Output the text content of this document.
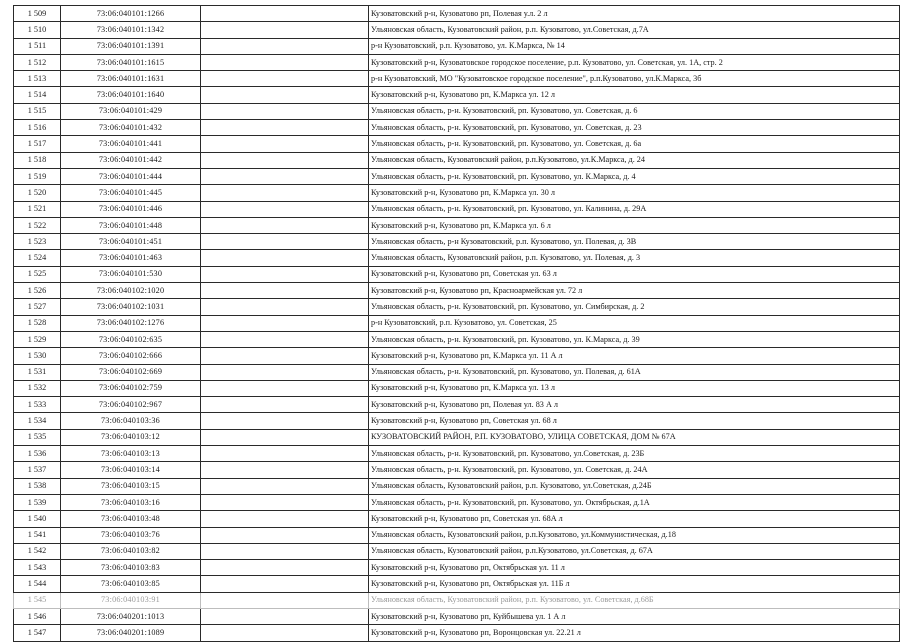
1 509	73:06:040101:1266		Кузоватовский р-н, Кузоватово рп, Полевая у.л. 2 л
1 510	73:06:040101:1342		Ульяновская область, Кузоватовский район, р.п. Кузоватово, ул.Советская, д.7А
1 511	73:06:040101:1391		р-н Кузоватовский, р.п. Кузоватово, ул. К.Маркса, № 14
1 512	73:06:040101:1615		Кузоватовский р-н, Кузоватовское городское поселение, р.п. Кузоватово, ул. Советская, ул. 1А, стр. 2
1 513	73:06:040101:1631		р-н Кузоватовский, МО "Кузоватовское городское поселение", р.п.Кузоватово, ул.К.Маркса, 3б
1 514	73:06:040101:1640		Кузоватовский р-н, Кузоватово рп, К.Маркса ул. 12 л
1 515	73:06:040101:429		Ульяновская область, р-н. Кузоватовский, рп. Кузоватово, ул. Советская, д. 6
1 516	73:06:040101:432		Ульяновская область, р-н. Кузоватовский, рп. Кузоватово, ул. Советская, д. 23
1 517	73:06:040101:441		Ульяновская область, р-н. Кузоватовский, рп. Кузоватово, ул. Советская, д. 6а
1 518	73:06:040101:442		Ульяновская область, Кузоватовский район, р.п.Кузоватово, ул.К.Маркса, д. 24
1 519	73:06:040101:444		Ульяновская область, р-н. Кузоватовский, рп. Кузоватово, ул. К.Маркса, д. 4
1 520	73:06:040101:445		Кузоватовский р-н, Кузоватово рп, К.Маркса ул. 30 л
1 521	73:06:040101:446		Ульяновская область, р-н. Кузоватовский, рп. Кузоватово, ул. Калинина, д. 29А
1 522	73:06:040101:448		Кузоватовский р-н, Кузоватово рп, К.Маркса ул. 6 л
1 523	73:06:040101:451		Ульяновская область, р-н Кузоватовский, р.п. Кузоватово, ул. Полевая, д. 3В
1 524	73:06:040101:463		Ульяновская область, Кузоватовский район, р.п. Кузоватово, ул. Полевая, д. 3
1 525	73:06:040101:530		Кузоватовский р-н, Кузоватово рп, Советская ул. 63 л
1 526	73:06:040102:1020		Кузоватовский р-н, Кузоватово рп, Красноармейская ул. 72 л
1 527	73:06:040102:1031		Ульяновская область, р-н. Кузоватовский, рп. Кузоватово, ул. Симбирская, д. 2
1 528	73:06:040102:1276		р-н Кузоватовский, р.п. Кузоватово, ул. Советская, 25
1 529	73:06:040102:635		Ульяновская область, р-н. Кузоватовский, рп. Кузоватово, ул. К.Маркса, д. 39
1 530	73:06:040102:666		Кузоватовский р-н, Кузоватово рп, К.Маркса ул. 11 А л
1 531	73:06:040102:669		Ульяновская область, р-н. Кузоватовский, рп. Кузоватово, ул. Полевая, д. 61А
1 532	73:06:040102:759		Кузоватовский р-н, Кузоватово рп, К.Маркса ул. 13 л
1 533	73:06:040102:967		Кузоватовский р-н, Кузоватово рп, Полевая ул. 83 А л
1 534	73:06:040103:36		Кузоватовский р-н, Кузоватово рп, Советская ул. 68 л
1 535	73:06:040103:12		КУЗОВАТОВСКИЙ РАЙОН, Р.П. КУЗОВАТОВО, УЛИЦА СОВЕТСКАЯ, ДОМ № 67А
1 536	73:06:040103:13		Ульяновская область, р-н. Кузоватовский, рп. Кузоватово, ул.Советская, д. 23Б
1 537	73:06:040103:14		Ульяновская область, р-н. Кузоватовский, рп. Кузоватово, ул. Советская, д. 24А
1 538	73:06:040103:15		Ульяновская область, Кузоватовский район, р.п. Кузоватово, ул.Советская, д.24Б
1 539	73:06:040103:16		Ульяновская область, р-н. Кузоватовский, рп. Кузоватово, ул. Октябрьская, д.1А
1 540	73:06:040103:48		Кузоватовский р-н, Кузоватово рп, Советская ул. 68А л
1 541	73:06:040103:76		Ульяновская область, Кузоватовский район, р.п.Кузоватово, ул.Коммунистическая, д.18
1 542	73:06:040103:82		Ульяновская область, Кузоватовский район, р.п.Кузоватово, ул.Советская, д. 67А
1 543	73:06:040103:83		Кузоватовский р-н, Кузоватово рп, Октябрьская ул. 11 л
1 544	73:06:040103:85		Кузоватовский р-н, Кузоватово рп, Октябрьская ул. 11Б л
1 545	73:06:040103:91		Ульяновская область, Кузоватовский район, р.п. Кузоватово, ул. Советская, д.68Б
1 546	73:06:040201:1013		Кузоватовский р-н, Кузоватово рп, Куйбышева ул. 1 А л
1 547	73:06:040201:1089		Кузоватовский р-н, Кузоватово рп, Воронцовская ул. 22.21 л
